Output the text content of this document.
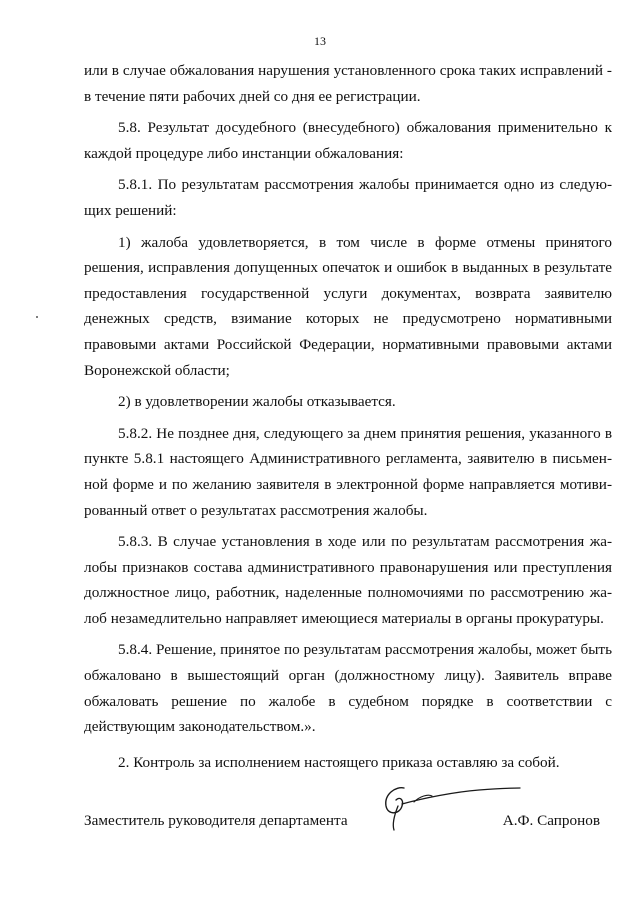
13

или в случае обжалования нарушения установленного срока таких исправлений - в течение пяти рабочих дней со дня ее регистрации.

5.8. Результат досудебного (внесудебного) обжалования применительно к каждой процедуре либо инстанции обжалования:

5.8.1. По результатам рассмотрения жалобы принимается одно из следующих решений:

1) жалоба удовлетворяется, в том числе в форме отмены принятого решения, исправления допущенных опечаток и ошибок в выданных в результате предоставления государственной услуги документах, возврата заявителю денежных средств, взимание которых не предусмотрено нормативными правовыми актами Российской Федерации, нормативными правовыми актами Воронежской области;

2) в удовлетворении жалобы отказывается.

5.8.2. Не позднее дня, следующего за днем принятия решения, указанного в пункте 5.8.1 настоящего Административного регламента, заявителю в письменной форме и по желанию заявителя в электронной форме направляется мотивированный ответ о результатах рассмотрения жалобы.

5.8.3. В случае установления в ходе или по результатам рассмотрения жалобы признаков состава административного правонарушения или преступления должностное лицо, работник, наделенные полномочиями по рассмотрению жалоб незамедлительно направляет имеющиеся материалы в органы прокуратуры.

5.8.4. Решение, принятое по результатам рассмотрения жалобы, может быть обжаловано в вышестоящий орган (должностному лицу). Заявитель вправе обжаловать решение по жалобе в судебном порядке в соответствии с действующим законодательством.».

2. Контроль за исполнением настоящего приказа оставляю за собой.

Заместитель руководителя департамента	А.Ф. Сапронов
